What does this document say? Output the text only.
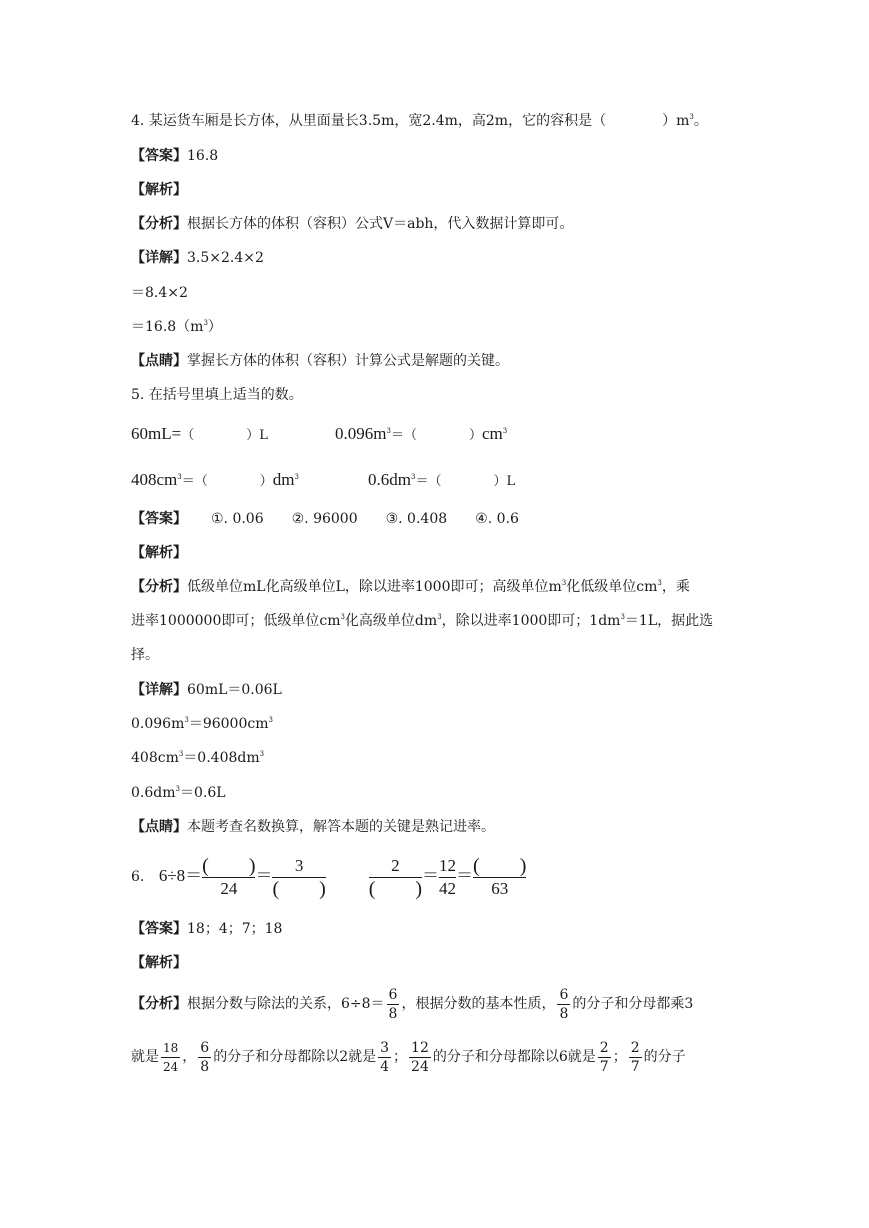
4. 某运货车厢是长方体，从里面量长3.5m，宽2.4m，高2m，它的容积是（　　　　）$m^3$。
【答案】16.8
【解析】
【分析】根据长方体的体积（容积）公式V＝abh，代入数据计算即可。
【详解】3.5×2.4×2
＝8.4×2
$=16.8(m^3)$
【点睛】掌握长方体的体积（容积）计算公式是解题的关键。
5. 在括号里填上适当的数。
60mL=（　　　　）L	$0.096m^3=$（　　　　）$cm^3$
$408cm^3=$（　　　　）$dm^3$	$0.6dm^3=$（　　　　）L
【答案】 ①. 0.06　　②. 96000　　③. 0.408　　④. 0.6
【解析】
【分析】低级单位mL化高级单位L，除以进率1000即可；高级单位$m^3$化低级单位$cm^3$，乘
进率1000000即可；低级单位$cm^3$化高级单位$dm^3$，除以进率1000即可；$1dm^3=1L$，据此选
择。
【详解】60mL＝0.06L
$0.096m^3=96000cm^3$
$408cm^3=0.408dm^3$
$0.6dm^3=0.6L$
【点睛】本题考查名数换算，解答本题的关键是熟记进率。
6. 6÷8＝ (　　)
24
＝
3
(　　)

2
(　　)
＝ $\frac{12}{42}$ ＝ (　　)
63
【答案】18；4；7；18
【解析】
【分析】根据分数与除法的关系，$6\div 8= \frac{6}{8}$ ，根据分数的基本性质， $\frac{6}{8}$ 的分子和分母都乘3
就是 $\frac{18}{24}$ ， $\frac{6}{8}$ 的分子和分母都除以2就是 $\frac{3}{4}$ ； $\frac{12}{24}$ 的分子和分母都除以6就是 $\frac{2}{7}$ ； $\frac{2}{7}$ 的分子
